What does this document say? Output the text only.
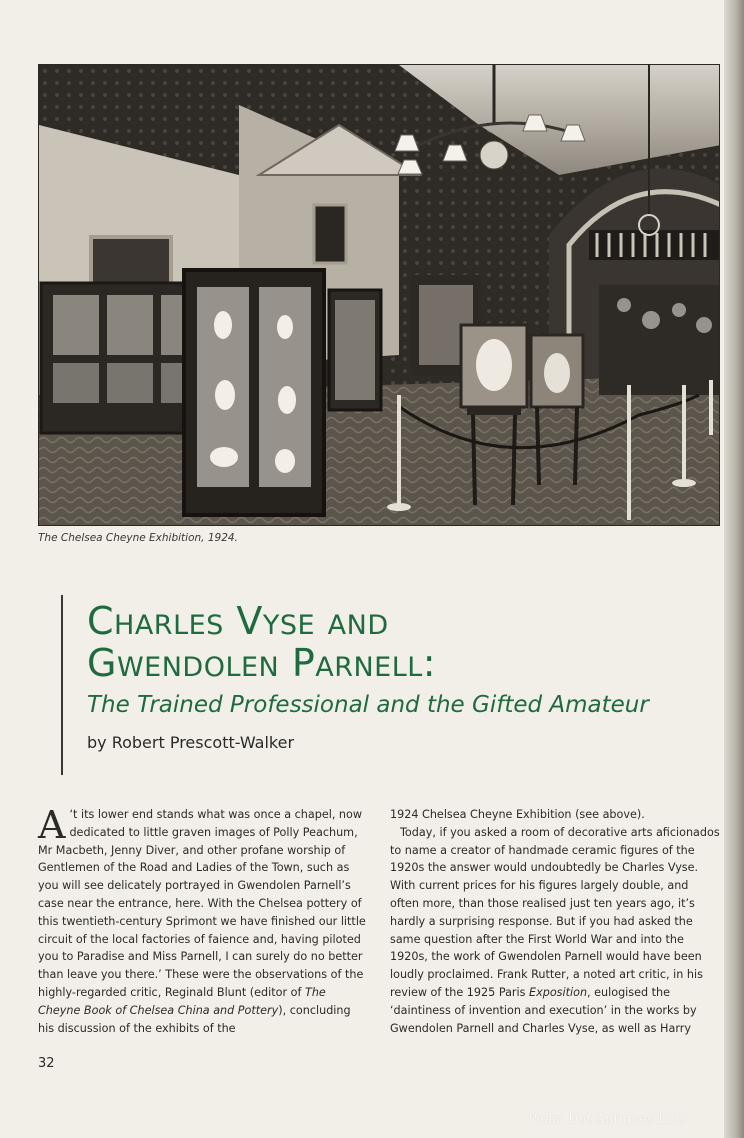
The Chelsea Cheyne Exhibition, 1924.
Charles Vyse and
Gwendolen Parnell:
The Trained Professional and the Gifted Amateur
by Robert Prescott-Walker

‘
A t its lower end stands what was once a chapel, now dedicated to little graven images of Polly Peachum, Mr Macbeth, Jenny Diver, and other profane worship of Gentlemen of the Road and Ladies of the Town, such as you will see delicately portrayed in Gwendolen Parnell’s case near the entrance, here. With the Chelsea pottery of this twentieth-century Sprimont we have finished our little circuit of the local factories of faience and, having piloted you to Paradise and Miss Parnell, I can surely do no better than leave you there.’ These were the observations of the highly-regarded critic, Reginald Blunt (editor of The Cheyne Book of Chelsea China and Pottery), concluding his discussion of the exhibits of the

1924 Chelsea Cheyne Exhibition (see above).

Today, if you asked a room of decorative arts aficionados to name a creator of handmade ceramic figures of the 1920s the answer would undoubtedly be Charles Vyse. With current prices for his figures largely double, and often more, than those realised just ten years ago, it’s hardly a surprising response. But if you had asked the same question after the First World War and into the 1920s, the work of Gwendolen Parnell would have been loudly proclaimed. Frank Rutter, a noted art critic, in his review of the 1925 Paris Exposition, eulogised the ‘daintiness of invention and execution’ in the works by Gwendolen Parnell and Charles Vyse, as well as Harry

32
Polka Dot Antiques LLC
